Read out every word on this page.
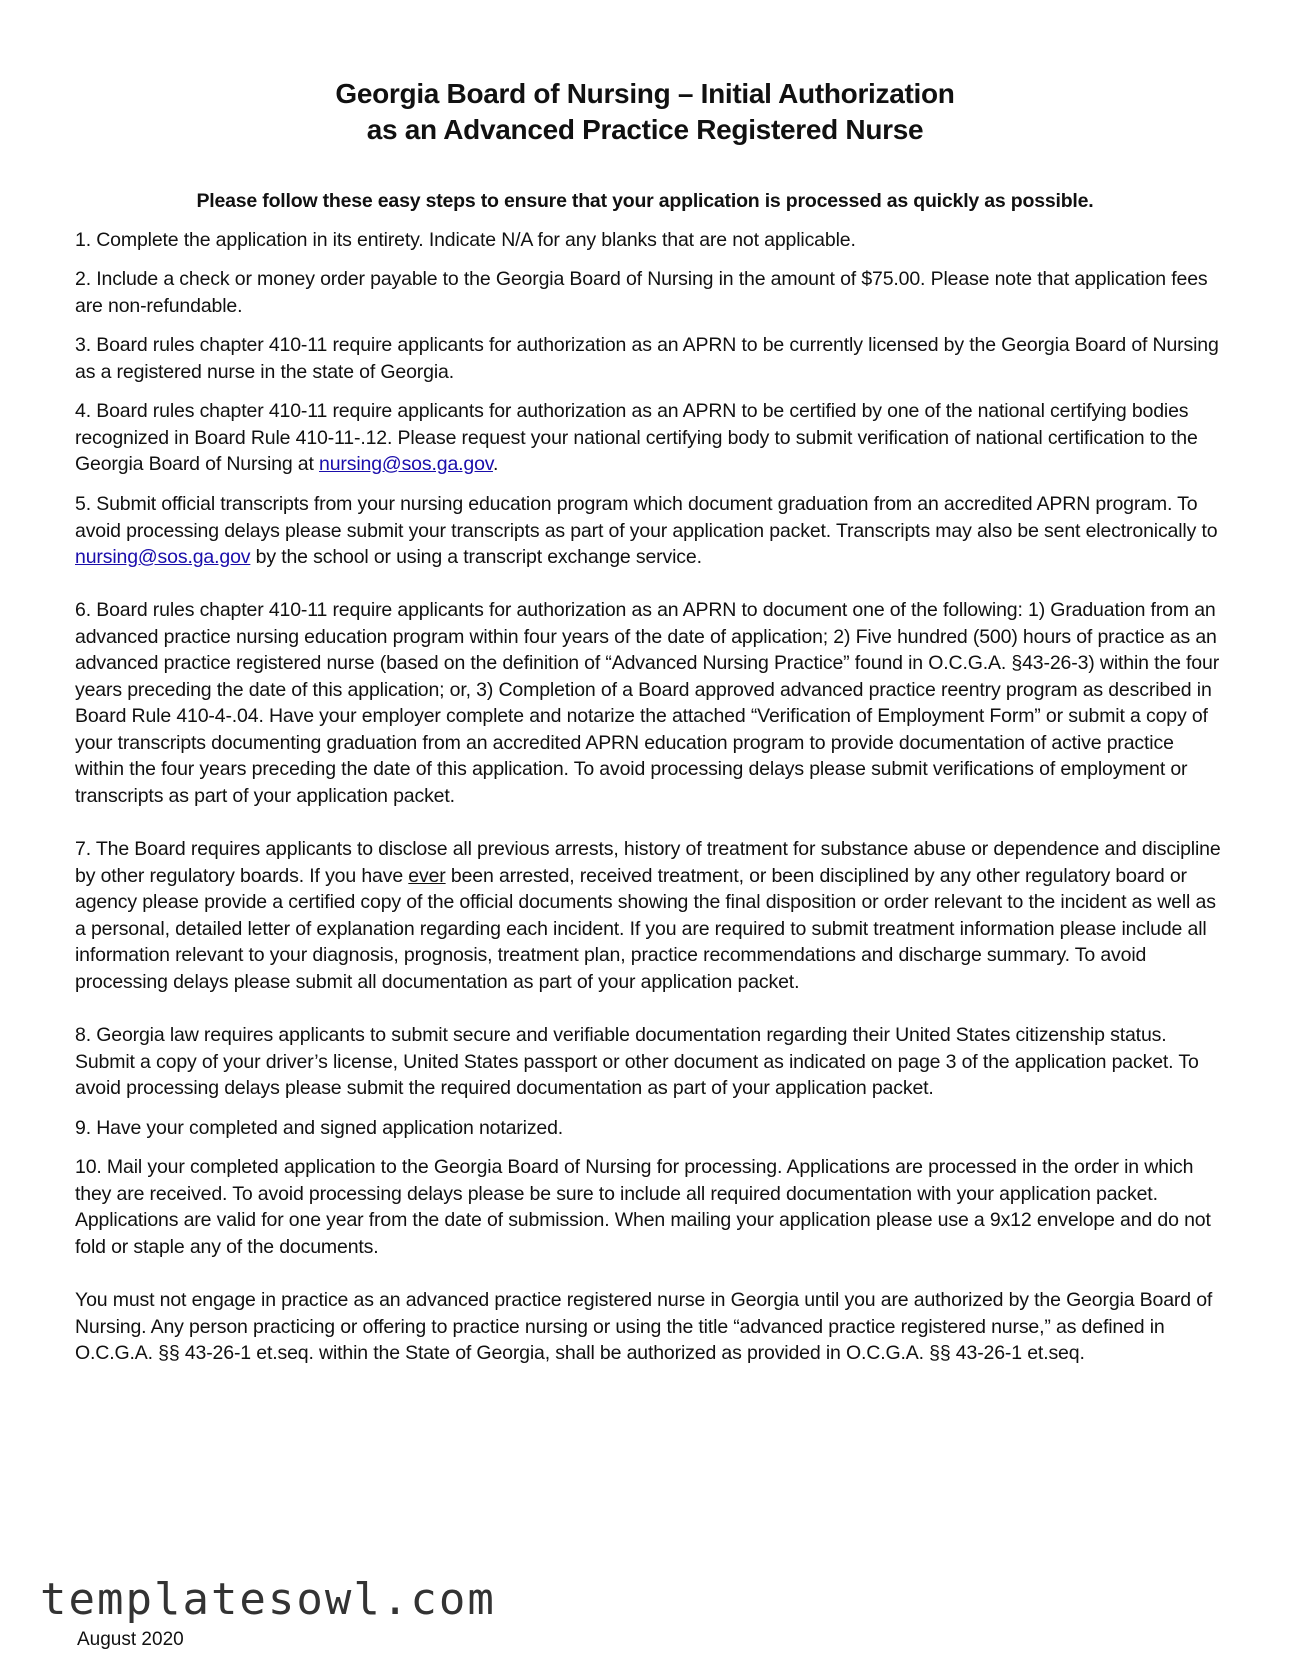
Georgia Board of Nursing – Initial Authorization
as an Advanced Practice Registered Nurse
Please follow these easy steps to ensure that your application is processed as quickly as possible.
1. Complete the application in its entirety. Indicate N/A for any blanks that are not applicable.
2. Include a check or money order payable to the Georgia Board of Nursing in the amount of $75.00. Please note that application fees are non-refundable.
3. Board rules chapter 410-11 require applicants for authorization as an APRN to be currently licensed by the Georgia Board of Nursing as a registered nurse in the state of Georgia.
4. Board rules chapter 410-11 require applicants for authorization as an APRN to be certified by one of the national certifying bodies recognized in Board Rule 410-11-.12. Please request your national certifying body to submit verification of national certification to the Georgia Board of Nursing at nursing@sos.ga.gov.
5. Submit official transcripts from your nursing education program which document graduation from an accredited APRN program. To avoid processing delays please submit your transcripts as part of your application packet. Transcripts may also be sent electronically to nursing@sos.ga.gov by the school or using a transcript exchange service.
6. Board rules chapter 410-11 require applicants for authorization as an APRN to document one of the following: 1) Graduation from an advanced practice nursing education program within four years of the date of application; 2) Five hundred (500) hours of practice as an advanced practice registered nurse (based on the definition of “Advanced Nursing Practice” found in O.C.G.A. §43-26-3) within the four years preceding the date of this application; or, 3) Completion of a Board approved advanced practice reentry program as described in Board Rule 410-4-.04. Have your employer complete and notarize the attached “Verification of Employment Form” or submit a copy of your transcripts documenting graduation from an accredited APRN education program to provide documentation of active practice within the four years preceding the date of this application. To avoid processing delays please submit verifications of employment or transcripts as part of your application packet.
7. The Board requires applicants to disclose all previous arrests, history of treatment for substance abuse or dependence and discipline by other regulatory boards. If you have ever been arrested, received treatment, or been disciplined by any other regulatory board or agency please provide a certified copy of the official documents showing the final disposition or order relevant to the incident as well as a personal, detailed letter of explanation regarding each incident. If you are required to submit treatment information please include all information relevant to your diagnosis, prognosis, treatment plan, practice recommendations and discharge summary. To avoid processing delays please submit all documentation as part of your application packet.
8. Georgia law requires applicants to submit secure and verifiable documentation regarding their United States citizenship status. Submit a copy of your driver’s license, United States passport or other document as indicated on page 3 of the application packet. To avoid processing delays please submit the required documentation as part of your application packet.
9. Have your completed and signed application notarized.
10. Mail your completed application to the Georgia Board of Nursing for processing. Applications are processed in the order in which they are received. To avoid processing delays please be sure to include all required documentation with your application packet. Applications are valid for one year from the date of submission. When mailing your application please use a 9x12 envelope and do not fold or staple any of the documents.
You must not engage in practice as an advanced practice registered nurse in Georgia until you are authorized by the Georgia Board of Nursing. Any person practicing or offering to practice nursing or using the title “advanced practice registered nurse,” as defined in O.C.G.A. §§ 43-26-1 et.seq. within the State of Georgia, shall be authorized as provided in O.C.G.A. §§ 43-26-1 et.seq.
templatesowl.com
August 2020
